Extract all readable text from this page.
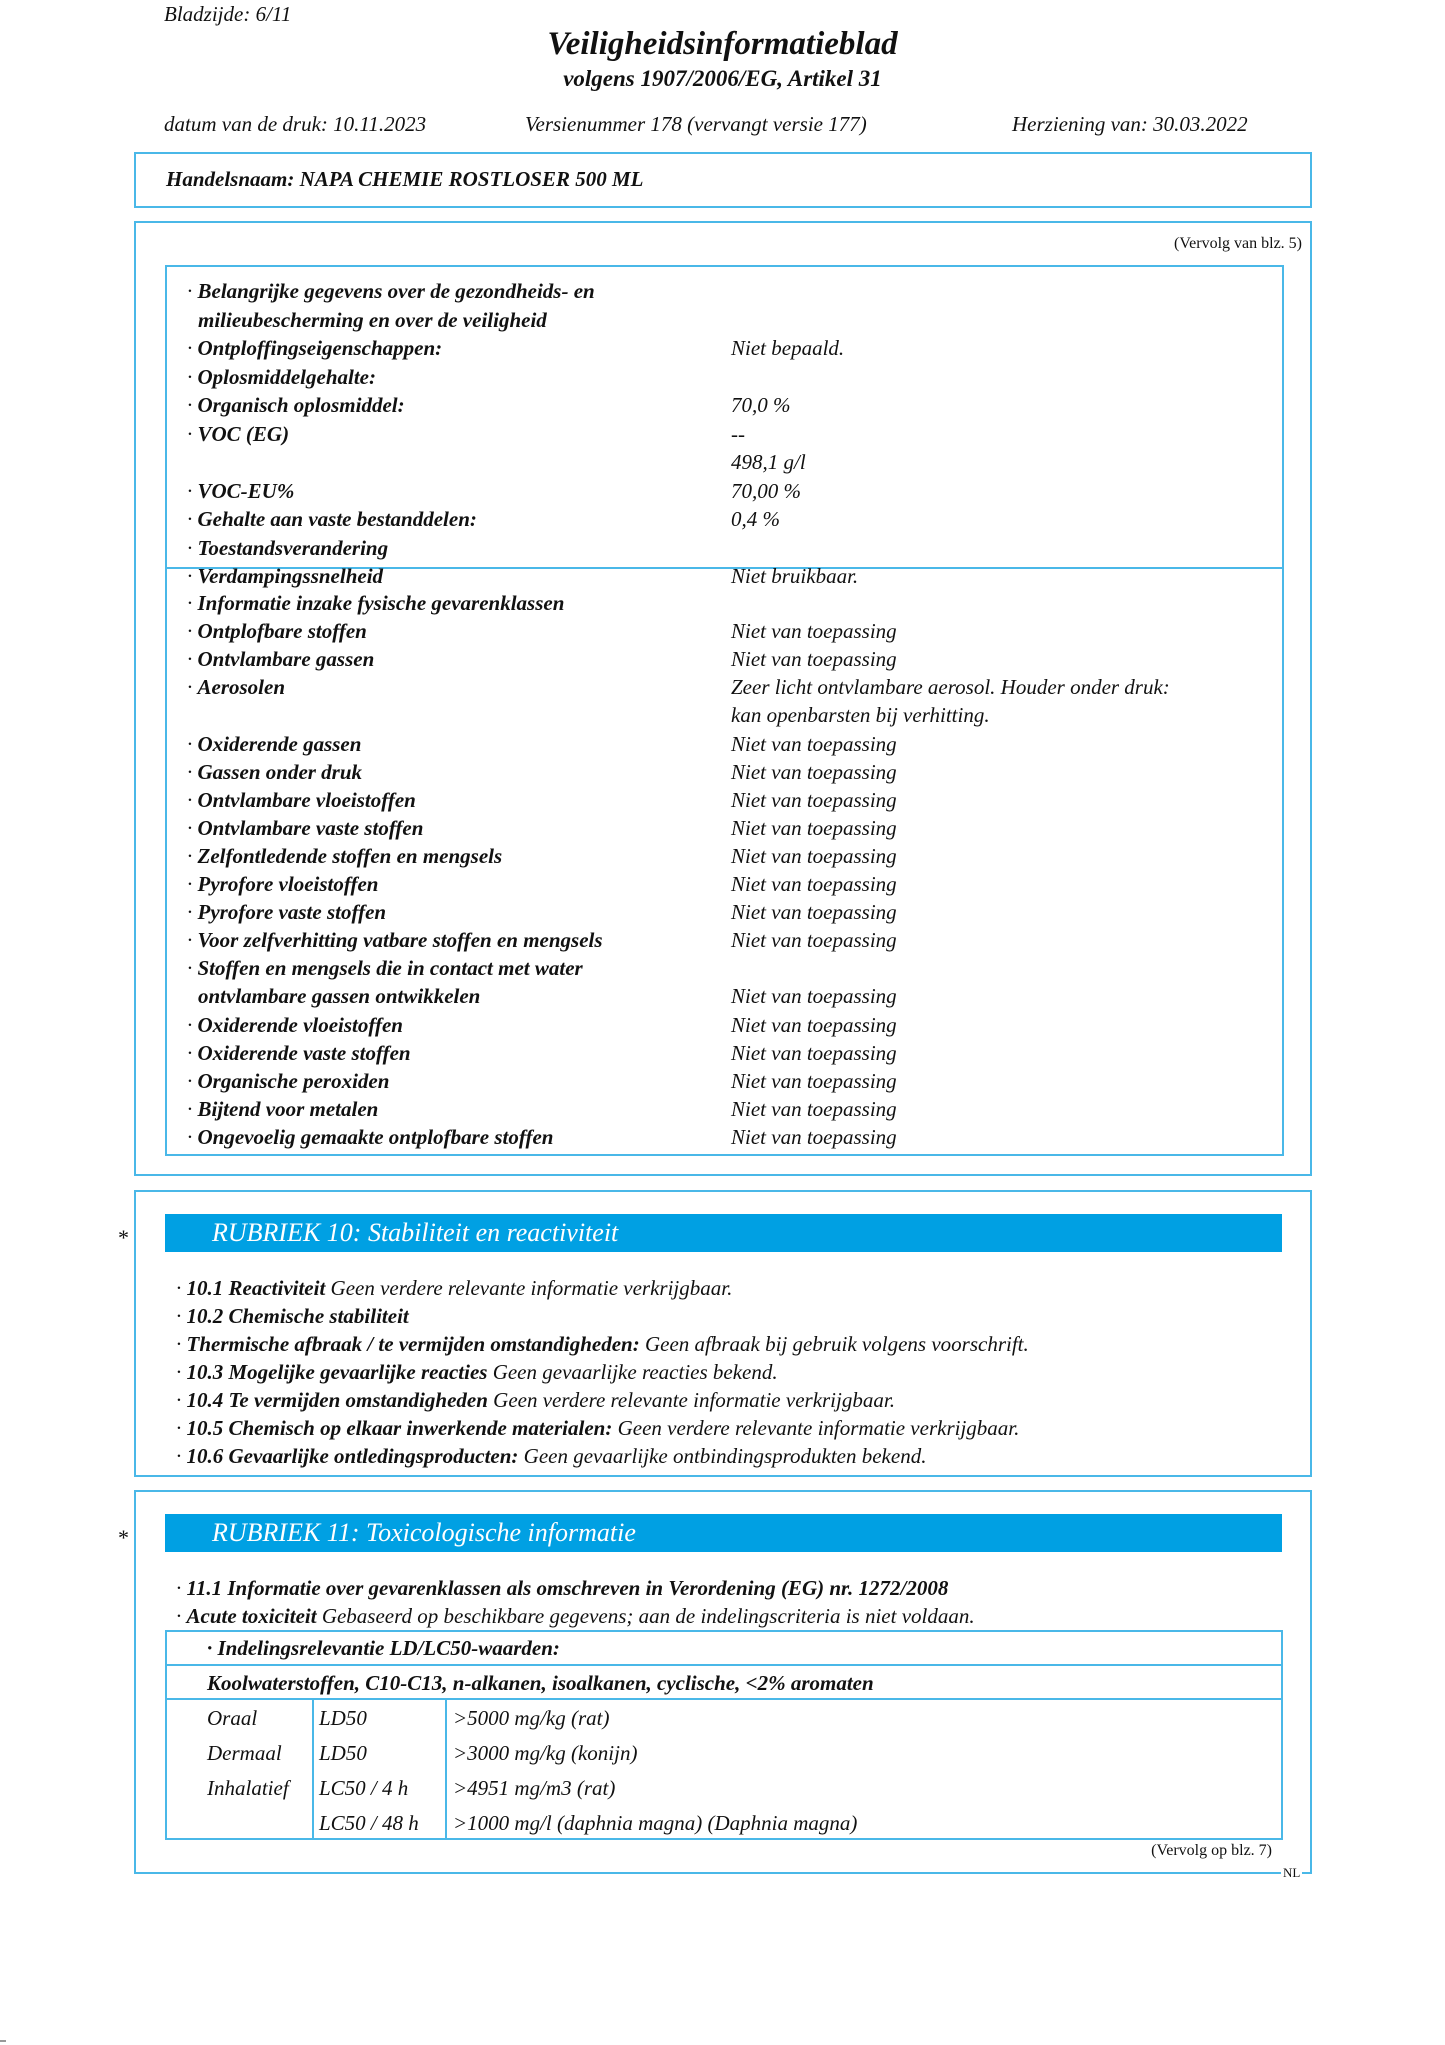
Bladzijde: 6/11
Veiligheidsinformatieblad
volgens 1907/2006/EG, Artikel 31
datum van de druk: 10.11.2023	Versienummer 178 (vervangt versie 177)	Herziening van: 30.03.2022
Handelsnaam: NAPA CHEMIE ROSTLOSER 500 ML
(Vervolg van blz. 5)
· Belangrijke gegevens over de gezondheids- en
milieubescherming en over de veiligheid
· Ontploffingseigenschappen:	Niet bepaald.
· Oplosmiddelgehalte:
· Organisch oplosmiddel:	70,0 %
· VOC (EG)	--
498,1 g/l
· VOC-EU%	70,00 %
· Gehalte aan vaste bestanddelen:	0,4 %
· Toestandsverandering
· Verdampingssnelheid	Niet bruikbaar.
· Informatie inzake fysische gevarenklassen
· Ontplofbare stoffen	Niet van toepassing
· Ontvlambare gassen	Niet van toepassing
· Aerosolen	Zeer licht ontvlambare aerosol. Houder onder druk:
kan openbarsten bij verhitting.
· Oxiderende gassen	Niet van toepassing
· Gassen onder druk	Niet van toepassing
· Ontvlambare vloeistoffen	Niet van toepassing
· Ontvlambare vaste stoffen	Niet van toepassing
· Zelfontledende stoffen en mengsels	Niet van toepassing
· Pyrofore vloeistoffen	Niet van toepassing
· Pyrofore vaste stoffen	Niet van toepassing
· Voor zelfverhitting vatbare stoffen en mengsels	Niet van toepassing
· Stoffen en mengsels die in contact met water
ontvlambare gassen ontwikkelen	Niet van toepassing
· Oxiderende vloeistoffen	Niet van toepassing
· Oxiderende vaste stoffen	Niet van toepassing
· Organische peroxiden	Niet van toepassing
· Bijtend voor metalen	Niet van toepassing
· Ongevoelig gemaakte ontplofbare stoffen	Niet van toepassing
*	RUBRIEK 10: Stabiliteit en reactiviteit
· 10.1 Reactiviteit Geen verdere relevante informatie verkrijgbaar.
· 10.2 Chemische stabiliteit
· Thermische afbraak / te vermijden omstandigheden: Geen afbraak bij gebruik volgens voorschrift.
· 10.3 Mogelijke gevaarlijke reacties Geen gevaarlijke reacties bekend.
· 10.4 Te vermijden omstandigheden Geen verdere relevante informatie verkrijgbaar.
· 10.5 Chemisch op elkaar inwerkende materialen: Geen verdere relevante informatie verkrijgbaar.
· 10.6 Gevaarlijke ontledingsproducten: Geen gevaarlijke ontbindingsprodukten bekend.
*	RUBRIEK 11: Toxicologische informatie
· 11.1 Informatie over gevarenklassen als omschreven in Verordening (EG) nr. 1272/2008
· Acute toxiciteit Gebaseerd op beschikbare gegevens; aan de indelingscriteria is niet voldaan.
· Indelingsrelevantie LD/LC50-waarden:
Koolwaterstoffen, C10-C13, n-alkanen, isoalkanen, cyclische, <2% aromaten
Oraal	LD50	>5000 mg/kg (rat)
Dermaal LD50	>3000 mg/kg (konijn)
Inhalatief LC50 / 4 h >4951 mg/m3 (rat)
LC50 / 48 h >1000 mg/l (daphnia magna) (Daphnia magna)
(Vervolg op blz. 7)
NL
